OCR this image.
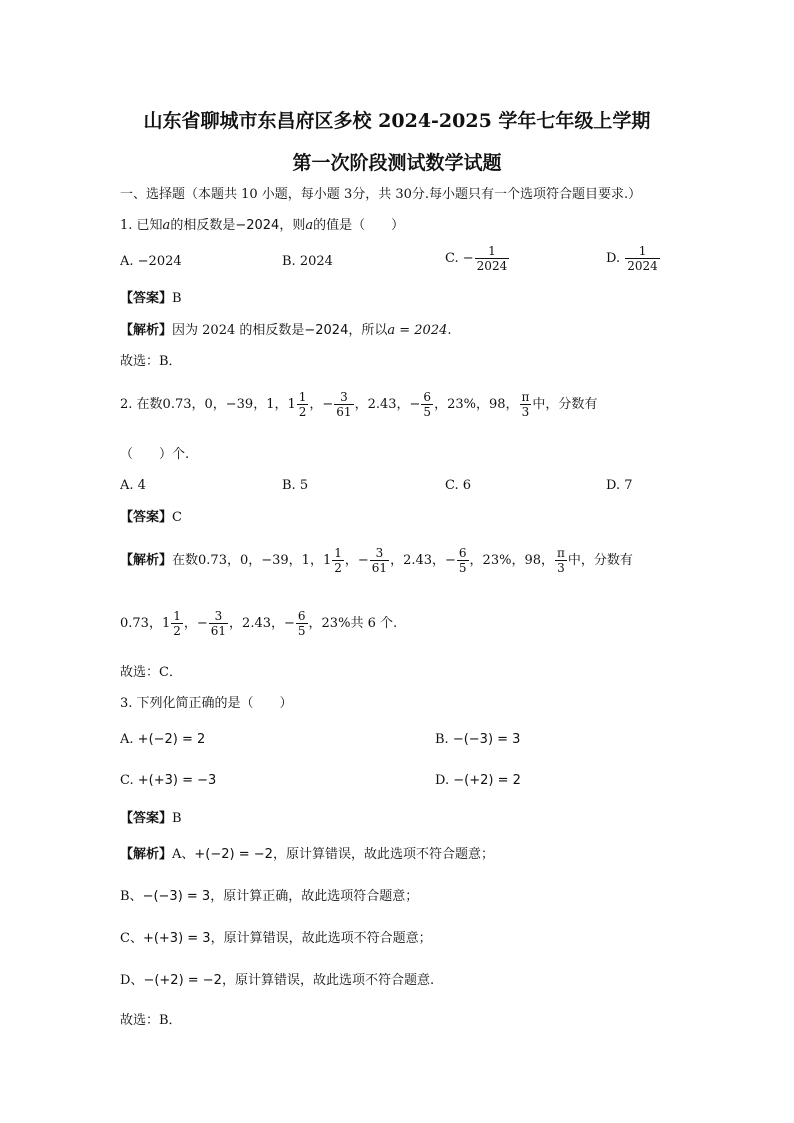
山东省聊城市东昌府区多校 2024-2025 学年七年级上学期
第一次阶段测试数学试题
一、选择题（本题共 10 小题，每小题 3分，共 30分.每小题只有一个选项符合题目要求.）
1. 已知a的相反数是−2024，则a的值是（　　）
A. −2024	B. 2024	C. − $\frac{1}{2024}$	D. $\frac{1}{2024}$
【答案】B
【解析】因为 2024 的相反数是−2024，所以a = 2024.
故选：B．
2. 在数0.73，0，−39，1，$1 \frac{1}{2}$ ，− $\frac{3}{61}$ ，2.43，− $\frac{6}{5}$ ，23%，98， $\frac{\pi}{3}$ 中，分数有
（　　）个.
A. 4	B. 5	C. 6	D. 7
【答案】C
【解析】在数0.73，0，−39，1，$1 \frac{1}{2}$ ，− $\frac{3}{61}$ ，2.43，− $\frac{6}{5}$ ，23%，98， $\frac{\pi}{3}$ 中，分数有
0.73，$1 \frac{1}{2}$ ，− $\frac{3}{61}$ ，2.43，− $\frac{6}{5}$ ，23%共 6 个.
故选：C．
3. 下列化简正确的是（　　）
A. +(−2) = 2	B. −(−3) = 3
C. +(+3) = −3	D. −(+2) = 2
【答案】B
【解析】A、+(−2) = −2，原计算错误，故此选项不符合题意；
B、−(−3) = 3，原计算正确，故此选项符合题意；
C、+(+3) = 3，原计算错误，故此选项不符合题意；
D、−(+2) = −2，原计算错误，故此选项不符合题意.
故选：B．
